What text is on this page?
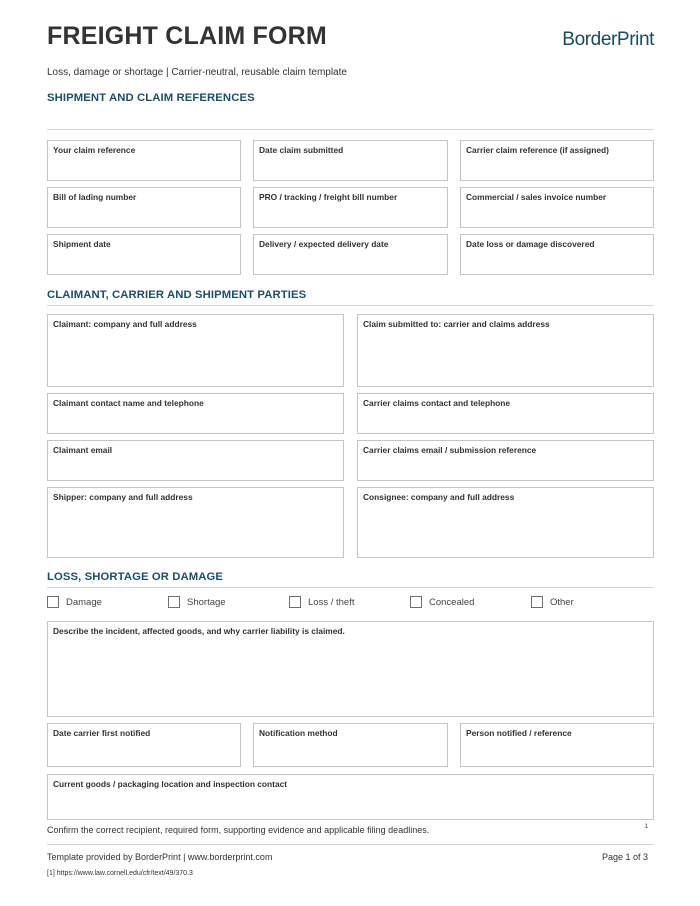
FREIGHT CLAIM FORM	BorderPrint
Loss, damage or shortage | Carrier-neutral, reusable claim template
SHIPMENT AND CLAIM REFERENCES
Your claim reference	Date claim submitted	Carrier claim reference (if assigned)
Bill of lading number	PRO / tracking / freight bill number	Commercial / sales invoice number
Shipment date	Delivery / expected delivery date	Date loss or damage discovered
CLAIMANT, CARRIER AND SHIPMENT PARTIES
Claimant: company and full address	Claim submitted to: carrier and claims address
Claimant contact name and telephone	Carrier claims contact and telephone
Claimant email	Carrier claims email / submission reference
Shipper: company and full address	Consignee: company and full address
LOSS, SHORTAGE OR DAMAGE
Damage	Shortage	Loss / theft	Concealed	Other
Describe the incident, affected goods, and why carrier liability is claimed.
Date carrier first notified	Notification method	Person notified / reference
Current goods / packaging location and inspection contact
Confirm the correct recipient, required form, supporting evidence and applicable filing deadlines.	1
Template provided by BorderPrint | www.borderprint.com	Page 1 of 3
[1] https://www.law.cornell.edu/cfr/text/49/370.3
